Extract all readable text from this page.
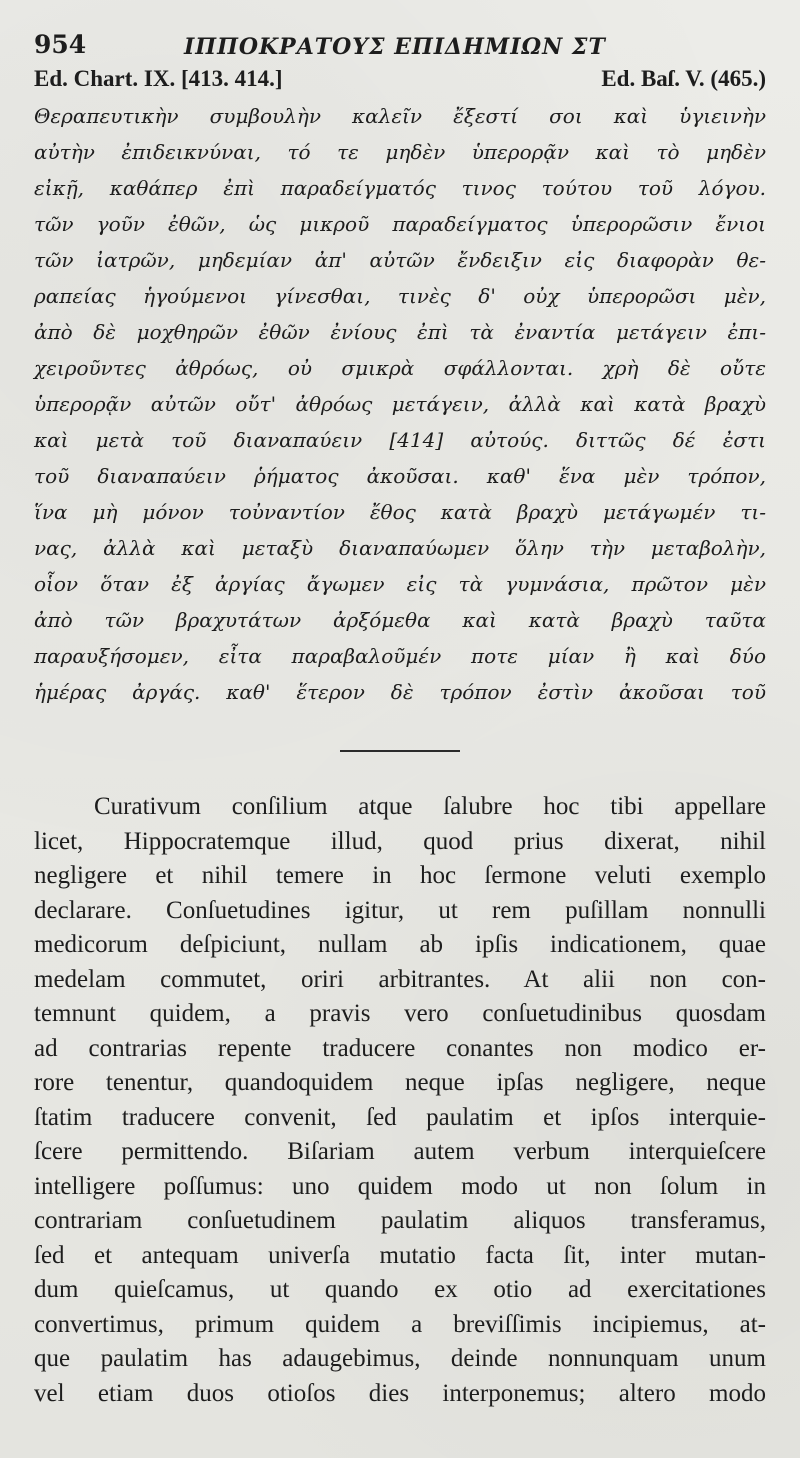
954	ΙΠΠΟΚΡΑΤΟΥΣ ΕΠΙΔΗΜΙΩΝ ΣΤ
Ed. Chart. IX. [413. 414.]	Ed. Baſ. V. (465.)
Θεραπευτικὴν συμβουλὴν καλεῖν ἔξεστί σοι καὶ ὑγιεινὴν
αὐτὴν ἐπιδεικνύναι, τό τε μηδὲν ὑπερορᾷν καὶ τὸ μηδὲν
εἰκῇ, καθάπερ ἐπὶ παραδείγματός τινος τούτου τοῦ λόγου.
τῶν γοῦν ἐθῶν, ὡς μικροῦ παραδείγματος ὑπερορῶσιν ἔνιοι
τῶν ἰατρῶν, μηδεμίαν ἀπ' αὐτῶν ἔνδειξιν εἰς διαφορὰν θε-
ραπείας ἡγούμενοι γίνεσθαι, τινὲς δ' οὐχ ὑπερορῶσι μὲν,
ἀπὸ δὲ μοχθηρῶν ἐθῶν ἐνίους ἐπὶ τὰ ἐναντία μετάγειν ἐπι-
χειροῦντες ἀθρόως, οὐ σμικρὰ σφάλλονται. χρὴ δὲ οὔτε
ὑπερορᾷν αὐτῶν οὔτ' ἀθρόως μετάγειν, ἀλλὰ καὶ κατὰ βραχὺ
καὶ μετὰ τοῦ διαναπαύειν [414] αὐτούς. διττῶς δέ ἐστι
τοῦ διαναπαύειν ῥήματος ἀκοῦσαι. καθ' ἕνα μὲν τρόπον,
ἵνα μὴ μόνον τοὐναντίον ἔθος κατὰ βραχὺ μετάγωμέν τι-
νας, ἀλλὰ καὶ μεταξὺ διαναπαύωμεν ὅλην τὴν μεταβολὴν,
οἷον ὅταν ἐξ ἀργίας ἄγωμεν εἰς τὰ γυμνάσια, πρῶτον μὲν
ἀπὸ τῶν βραχυτάτων ἀρξόμεθα καὶ κατὰ βραχὺ ταῦτα
παραυξήσομεν, εἶτα παραβαλοῦμέν ποτε μίαν ἢ καὶ δύο
ἡμέρας ἀργάς. καθ' ἕτερον δὲ τρόπον ἐστὶν ἀκοῦσαι τοῦ
Curativum conſilium atque ſalubre hoc tibi appellare
licet, Hippocratemque illud, quod prius dixerat, nihil
negligere et nihil temere in hoc ſermone veluti exemplo
declarare. Conſuetudines igitur, ut rem puſillam nonnulli
medicorum deſpiciunt, nullam ab ipſis indicationem, quae
medelam commutet, oriri arbitrantes. At alii non con-
temnunt quidem, a pravis vero conſuetudinibus quosdam
ad contrarias repente traducere conantes non modico er-
rore tenentur, quandoquidem neque ipſas negligere, neque
ſtatim traducere convenit, ſed paulatim et ipſos interquie-
ſcere permittendo. Biſariam autem verbum interquieſcere
intelligere poſſumus: uno quidem modo ut non ſolum in
contrariam conſuetudinem paulatim aliquos transferamus,
ſed et antequam univerſa mutatio facta ſit, inter mutan-
dum quieſcamus, ut quando ex otio ad exercitationes
convertimus, primum quidem a breviſſimis incipiemus, at-
que paulatim has adaugebimus, deinde nonnunquam unum
vel etiam duos otioſos dies interponemus; altero modo
